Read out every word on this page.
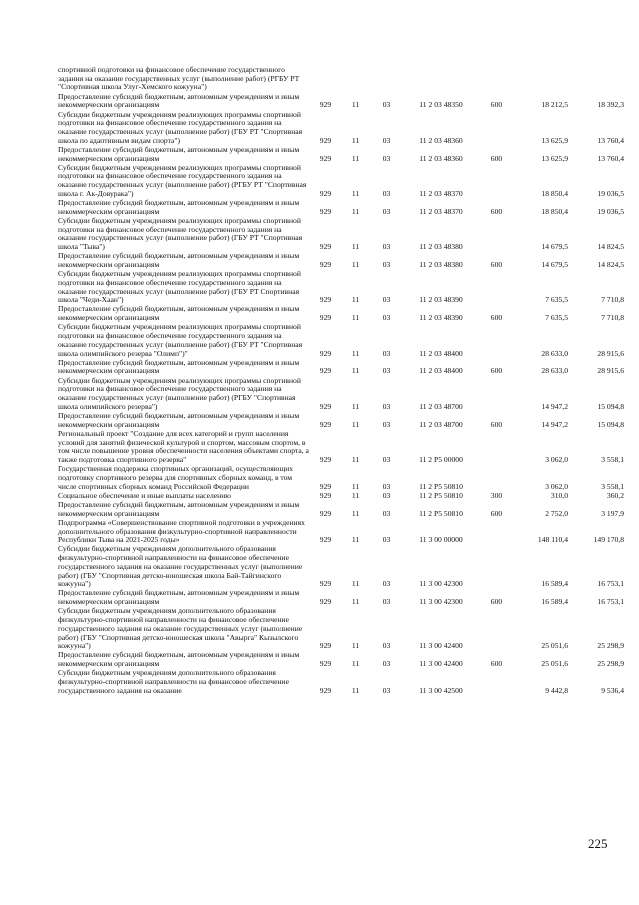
спортивной подготовки на финансовое обеспечение государственного задания на оказание государственных услуг (выполнение работ) (РГБУ РТ "Спортивная школа Улуг-Хемского кожууна")							
Предоставление субсидий бюджетным, автономным учреждениям и иным некоммерческим организациям	929	11	03	11 2 03 48350	600	18 212,5	18 392,3
Субсидии бюджетным учреждениям реализующих программы спортивной подготовки на финансовое обеспечение государственного задания на оказание государственных услуг (выполнение работ) (ГБУ РТ "Спортивная школа по адаптивным видам спорта")	929	11	03	11 2 03 48360		13 625,9	13 760,4
Предоставление субсидий бюджетным, автономным учреждениям и иным некоммерческим организациям	929	11	03	11 2 03 48360	600	13 625,9	13 760,4
Субсидии бюджетным учреждениям реализующих программы спортивной подготовки на финансовое обеспечение государственного задания на оказание государственных услуг (выполнение работ) (РГБУ РТ "Спортивная школа г. Ак-Довурака")	929	11	03	11 2 03 48370		18 850,4	19 036,5
Предоставление субсидий бюджетным, автономным учреждениям и иным некоммерческим организациям	929	11	03	11 2 03 48370	600	18 850,4	19 036,5
Субсидии бюджетным учреждениям реализующих программы спортивной подготовки на финансовое обеспечение государственного задания на оказание государственных услуг (выполнение работ) (ГБУ РТ "Спортивная школа "Тыва")	929	11	03	11 2 03 48380		14 679,5	14 824,5
Предоставление субсидий бюджетным, автономным учреждениям и иным некоммерческим организациям	929	11	03	11 2 03 48380	600	14 679,5	14 824,5
Субсидии бюджетным учреждениям реализующих программы спортивной подготовки на финансовое обеспечение государственного задания на оказание государственных услуг (выполнение работ) (ГБУ РТ Спортивная школа "Чеди-Хаан")	929	11	03	11 2 03 48390		7 635,5	7 710,8
Предоставление субсидий бюджетным, автономным учреждениям и иным некоммерческим организациям	929	11	03	11 2 03 48390	600	7 635,5	7 710,8
Субсидии бюджетным учреждениям реализующих программы спортивной подготовки на финансовое обеспечение государственного задания на оказание государственных услуг (выполнение работ) (ГБУ РТ "Спортивная школа олимпийского резерва "Олимп")"	929	11	03	11 2 03 48400		28 633,0	28 915,6
Предоставление субсидий бюджетным, автономным учреждениям и иным некоммерческим организациям	929	11	03	11 2 03 48400	600	28 633,0	28 915,6
Субсидии бюджетным учреждениям реализующих программы спортивной подготовки на финансовое обеспечение государственного задания на оказание государственных услуг (выполнение работ) (РГБУ "Спортивная школа олимпийского резерва")	929	11	03	11 2 03 48700		14 947,2	15 094,8
Предоставление субсидий бюджетным, автономным учреждениям и иным некоммерческим организациям	929	11	03	11 2 03 48700	600	14 947,2	15 094,8
Региональный проект "Создание для всех категорий и групп населения условий для занятий физической культурой и спортом, массовым спортом, в том числе повышение уровня обеспеченности населения объектами спорта, а также подготовка спортивного резерва"	929	11	03	11 2 P5 00000		3 062,0	3 558,1
Государственная поддержка спортивных организаций, осуществляющих подготовку спортивного резерва для спортивных сборных команд, в том числе спортивных сборных команд Российской Федерации	929	11	03	11 2 P5 50810		3 062,0	3 558,1
Социальное обеспечение и иные выплаты населению	929	11	03	11 2 P5 50810	300	310,0	360,2
Предоставление субсидий бюджетным, автономным учреждениям и иным некоммерческим организациям	929	11	03	11 2 P5 50810	600	2 752,0	3 197,9
Подпрограмма «Совершенствование спортивной подготовки в учреждениях дополнительного образования физкультурно-спортивной направленности Республики Тыва на 2021-2025 годы»	929	11	03	11 3 00 00000		148 110,4	149 170,8
Субсидии бюджетным учреждениям дополнительного образования физкультурно-спортивной направленности на финансовое обеспечение государственного задания на оказание государственных услуг (выполнение работ) (ГБУ "Спортивная детско-юношеская школа Бай-Тайгинского кожууна")	929	11	03	11 3 00 42300		16 589,4	16 753,1
Предоставление субсидий бюджетным, автономным учреждениям и иным некоммерческим организациям	929	11	03	11 3 00 42300	600	16 589,4	16 753,1
Субсидии бюджетным учреждениям дополнительного образования физкультурно-спортивной направленности на финансовое обеспечение государственного задания на оказание государственных услуг (выполнение работ) (ГБУ "Спортивная детско-юношеская школа "Авырга" Кызылского кожууна")	929	11	03	11 3 00 42400		25 051,6	25 298,9
Предоставление субсидий бюджетным, автономным учреждениям и иным некоммерческим организациям	929	11	03	11 3 00 42400	600	25 051,6	25 298,9
Субсидии бюджетным учреждениям дополнительного образования физкультурно-спортивной направленности на финансовое обеспечение государственного задания на оказание	929	11	03	11 3 00 42500		9 442,8	9 536,4
225
